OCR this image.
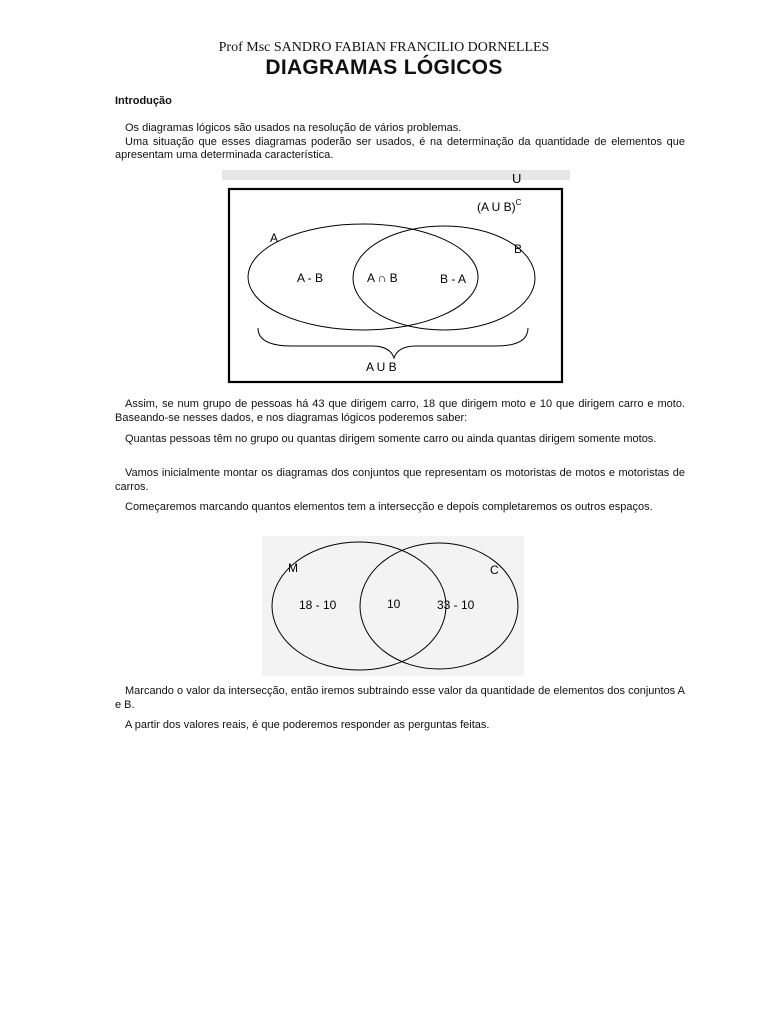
Prof Msc SANDRO FABIAN FRANCILIO DORNELLES
DIAGRAMAS LÓGICOS
Introdução
Os diagramas lógicos são usados na resolução de vários problemas.
Uma situação que esses diagramas poderão ser usados, é na determinação da quantidade de elementos que apresentam uma determinada característica.
U
(A U B)$^C$
A
B
A - B	A ∩ B	B - A
A U B
Assim, se num grupo de pessoas há 43 que dirigem carro, 18 que dirigem moto e 10 que dirigem carro e moto. Baseando-se nesses dados, e nos diagramas lógicos poderemos saber:
Quantas pessoas têm no grupo ou quantas dirigem somente carro ou ainda quantas dirigem somente motos.
Vamos inicialmente montar os diagramas dos conjuntos que representam os motoristas de motos e motoristas de carros.
Começaremos marcando quantos elementos tem a intersecção e depois completaremos os outros espaços.
M	C
18 - 10	10	33 - 10
Marcando o valor da intersecção, então iremos subtraindo esse valor da quantidade de elementos dos conjuntos A e B.
A partir dos valores reais, é que poderemos responder as perguntas feitas.
